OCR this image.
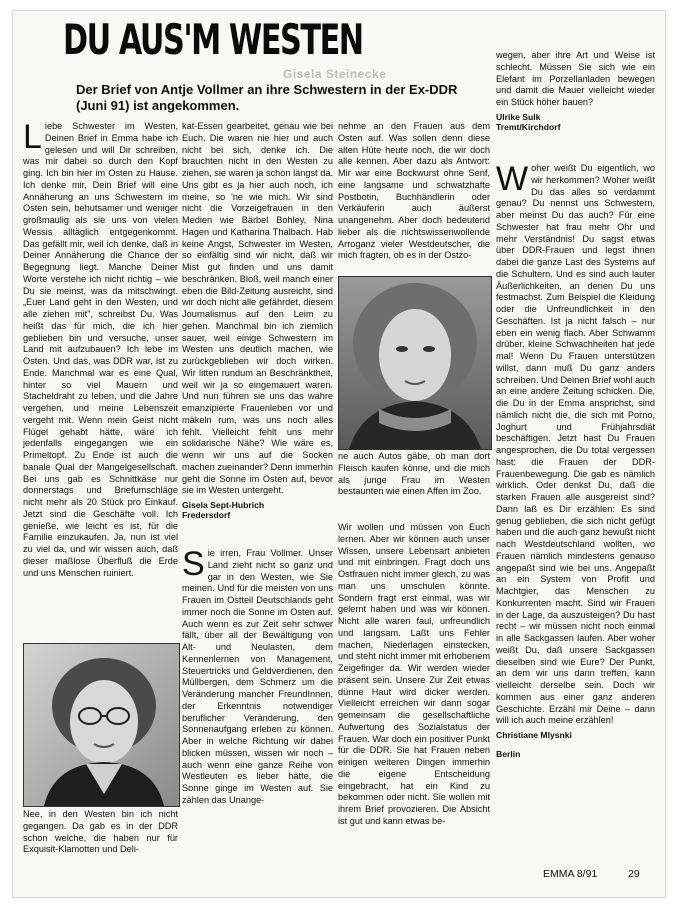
Gisela Steinecke
DU AUS'M WESTEN

Der Brief von Antje Vollmer an ihre Schwestern in der Ex-DDR (Juni 91) ist angekommen.

Liebe Schwester im Westen, Deinen Brief in Emma habe ich gelesen und will Dir schreiben, was mir dabei so durch den Kopf ging. Ich bin hier im Osten zu Hause. Ich denke mir, Dein Brief will eine Annäherung an uns Schwestern im Osten sein, behutsamer und weniger großmaulig als sie uns von vielen Wessis alltäglich entgegenkommt. Das gefällt mir, weil ich denke, daß in Deiner Annäherung die Chance der Begegnung liegt. Manche Deiner Worte verstehe ich nicht richtig – wie Du sie meinst, was da mitschwingt. „Euer Land geht in den Westen, und alle ziehen mit", schreibst Du. Was heißt das für mich, die ich hier geblieben bin und versuche, unser Land mit aufzubauen? Ich lebe im Osten. Und das, was DDR war, ist zu Ende. Manchmal war es eine Qual, hinter so viel Mauern und Stacheldraht zu leben, und die Jahre vergehen, und meine Lebenszeit vergeht mit. Wenn mein Geist nicht Flügel gehabt hätte, wäre ich jedenfalls eingegangen wie ein Primeltopf. Zu Ende ist auch die banale Qual der Mangelgesellschaft. Bei uns gab es Schnittkäse nur donnerstags und Briefumschläge nicht mehr als 20 Stück pro Einkauf. Jetzt sind die Geschäfte voll. Ich genieße, wie leicht es ist, für die Familie einzukaufen. Ja, nun ist viel zu viel da, und wir wissen auch, daß dieser maßlose Überfluß die Erde und uns Menschen ruiniert.

Nee, in den Westen bin ich nicht gegangen. Da gab es in der DDR schon welche, die haben nur für Exquisit-Klamotten und Deli-

kat-Essen gearbeitet, genau wie bei Euch. Die waren nie hier und auch nicht bei sich, denke ich. Die brauchten nicht in den Westen zu ziehen, sie waren ja schon längst da. Uns gibt es ja hier auch noch, ich meine, so 'ne wie mich. Wir sind nicht die Vorzeigefrauen in den Medien wie Bärbel Bohley, Nina Hagen und Katharina Thalbach. Hab keine Angst, Schwester im Westen, so einfältig sind wir nicht, daß wir Mist gut finden und uns damit beschränken. Bloß, weil manch einer eben die Bild-Zeitung ausreicht, sind wir doch nicht alle gefährdet, diesem Journalismus auf den Leim zu gehen. Manchmal bin ich ziemlich sauer, weil einige Schwestern im Westen uns deutlich machen, wie zurückgeblieben wir doch wirken. Wir litten rundum an Beschränktheit, weil wir ja so eingemauert waren. Und nun führen sie uns das wahre emanzipierte Frauenleben vor und mäkeln rum, was uns noch alles fehlt. Vielleicht fehlt uns mehr solidarische Nähe? Wie wäre es, wenn wir uns auf die Socken machen zueinander? Denn immerhin geht die Sonne im Osten auf, bevor sie im Westen untergeht.

Gisela Sept-Hubrich

Fredersdorf

Sie irren, Frau Vollmer. Unser Land zieht nicht so ganz und gar in den Westen, wie Sie meinen. Und für die meisten von uns Frauen im Ostteil Deutschlands geht immer noch die Sonne im Osten auf. Auch wenn es zur Zeit sehr schwer fällt, über all der Bewältigung von Alt- und Neulasten, dem Kennenlernen von Management, Steuertricks und Geldverdienen, den Müllbergen, dem Schmerz um die Veränderung mancher FreundInnen, der Erkenntnis notwendiger beruflicher Veränderung, den Sonnenaufgang erleben zu können. Aber in welche Richtung wir dabei blicken müssen, wissen wir noch – auch wenn eine ganze Reihe von Westleuten es lieber hätte, die Sonne ginge im Westen auf. Sie zählen das Unange-

nehme an den Frauen aus dem Osten auf. Was sollen denn diese alten Hüte heute noch, die wir doch alle kennen. Aber dazu als Antwort: Mir war eine Bockwurst ohne Senf, eine langsame und schwatzhafte Postbotin, Buchhändlerin oder Verkäuferin auch äußerst unangenehm. Aber doch bedeutend lieber als die nichtswissenwollende Arroganz vieler Westdeutscher, die mich fragten, ob es in der Ostzo-

ne auch Autos gäbe, ob man dort Fleisch kaufen könne, und die mich als junge Frau im Westen bestaunten wie einen Affen im Zoo.
Wir wollen und müssen von Euch lernen. Aber wir können auch unser Wissen, unsere Lebensart anbieten und mit einbringen. Fragt doch uns Ostfrauen nicht immer gleich, zu was man uns umschulen könnte. Sondern fragt erst einmal, was wir gelernt haben und was wir können. Nicht alle waren faul, unfreundlich und langsam. Laßt uns Fehler machen, Niederlagen einstecken, und steht nicht immer mit erhobenem Zeigefinger da. Wir werden wieder präsent sein. Unsere Zur Zeit etwas dünne Haut wird dicker werden. Vielleicht erreichen wir dann sogar gemeinsam die gesellschaftliche Aufwertung des Sozialstatus der Frauen. War doch ein positiver Punkt für die DDR. Sie hat Frauen neben einigen weiteren Dingen immerhin die eigene Entscheidung eingebracht, hat ein Kind zu bekommen oder nicht. Sie wollen mit ihrem Brief provozieren. Die Absicht ist gut und kann etwas be-

wegen, aber ihre Art und Weise ist schlecht. Müssen Sie sich wie ein Elefant im Porzellanladen bewegen und damit die Mauer vielleicht wieder ein Stück höher bauen?

Ulrike Sulk

Tremt/Kirchdorf

Woher weißt Du eigentlich, wo wir herkommen? Woher weißt Du das alles so verdammt genau? Du nennst uns Schwestern, aber meinst Du das auch? Für eine Schwester hat frau mehr Ohr und mehr Verständnis! Du sagst etwas über DDR-Frauen und legst ihnen dabei die ganze Last des Systems auf die Schultern. Und es sind auch lauter Äußerlichkeiten, an denen Du uns festmachst. Zum Beispiel die Kleidung oder die Unfreundlichkeit in den Geschäften. Ist ja nicht falsch – nur eben ein wenig flach. Aber Schwamm drüber, kleine Schwachheiten hat jede mal! Wenn Du Frauen unterstützen willst, dann muß Du ganz anders schreiben. Und Deinen Brief wohl auch an eine andere Zeitung schicken. Die, die Du in der Emma ansprichst, sind nämlich nicht die, die sich mit Porno, Joghurt und Frühjahrsdiät beschäftigen. Jetzt hast Du Frauen angesprochen, die Du total vergessen hast: die Frauen der DDR-Frauenbewegung. Die gab es nämlich wirklich. Oder denkst Du, daß die starken Frauen alle ausgereist sind? Dann laß es Dir erzählen: Es sind genug geblieben, die sich nicht gefügt haben und die auch ganz bewußt nicht nach Westdeutschland wollten, wo Frauen nämlich mindestens genauso angepaßt sind wie bei uns. Angepaßt an ein System von Profit und Machtgier, das Menschen zu Konkurrenten macht. Sind wir Frauen in der Lage, da auszusteigen? Du hast recht – wir müssen nicht noch einmal in alle Sackgassen laufen. Aber woher weißt Du, daß unsere Sackgassen dieselben sind wie Eure? Der Punkt, an dem wir uns dann treffen, kann vielleicht derselbe sein. Doch wir kommen aus einer ganz anderen Geschichte. Erzähl mir Deine – dann will ich auch meine erzählen!

Christiane Mlysnki

Berlin

EMMA 8/91	29
